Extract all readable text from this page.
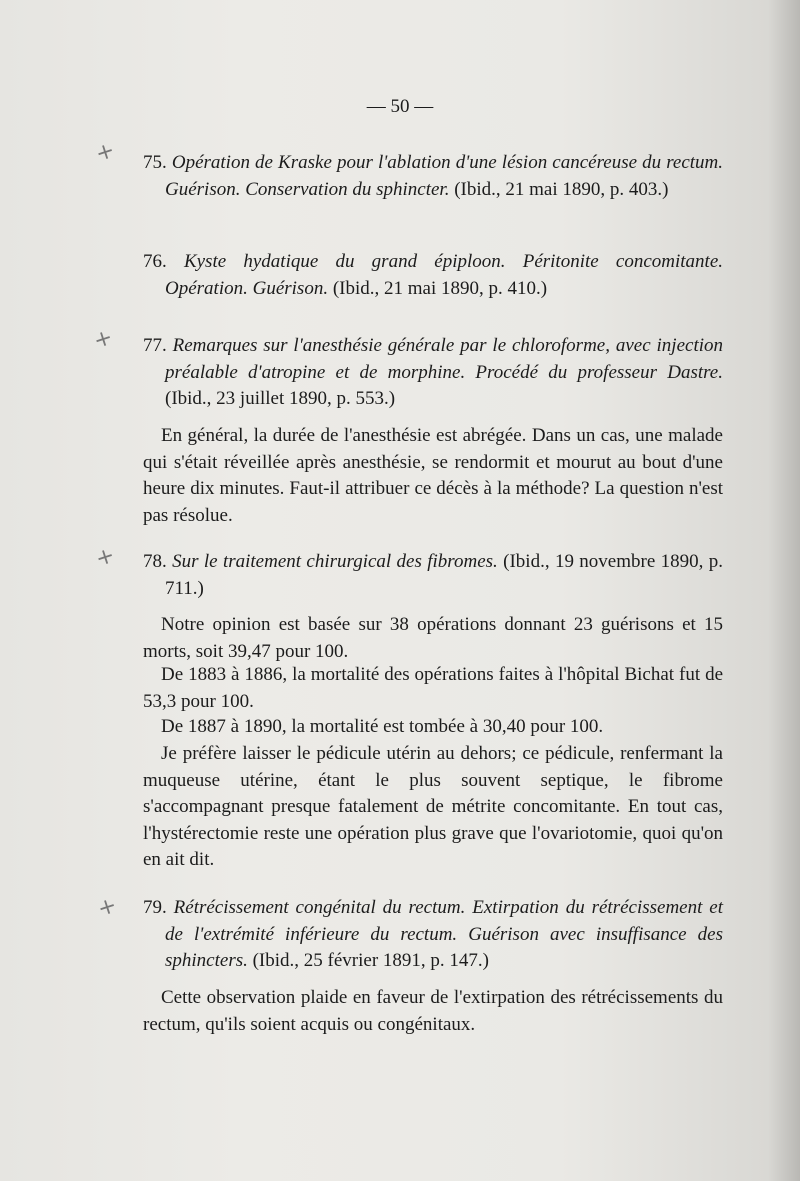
— 50 —
+
+
+
+
75. Opération de Kraske pour l'ablation d'une lésion cancéreuse du rectum. Guérison. Conservation du sphincter. (Ibid., 21 mai 1890, p. 403.)
76. Kyste hydatique du grand épiploon. Péritonite concomitante. Opération. Guérison. (Ibid., 21 mai 1890, p. 410.)
77. Remarques sur l'anesthésie générale par le chloroforme, avec injection préalable d'atropine et de morphine. Procédé du professeur Dastre. (Ibid., 23 juillet 1890, p. 553.)
En général, la durée de l'anesthésie est abrégée. Dans un cas, une malade qui s'était réveillée après anesthésie, se rendormit et mourut au bout d'une heure dix minutes. Faut-il attribuer ce décès à la méthode? La question n'est pas résolue.
78. Sur le traitement chirurgical des fibromes. (Ibid., 19 novembre 1890, p. 711.)
Notre opinion est basée sur 38 opérations donnant 23 guérisons et 15 morts, soit 39,47 pour 100.
De 1883 à 1886, la mortalité des opérations faites à l'hôpital Bichat fut de 53,3 pour 100.
De 1887 à 1890, la mortalité est tombée à 30,40 pour 100.
Je préfère laisser le pédicule utérin au dehors; ce pédicule, renfermant la muqueuse utérine, étant le plus souvent septique, le fibrome s'accompagnant presque fatalement de métrite concomitante. En tout cas, l'hystérectomie reste une opération plus grave que l'ovariotomie, quoi qu'on en ait dit.
79. Rétrécissement congénital du rectum. Extirpation du rétrécissement et de l'extrémité inférieure du rectum. Guérison avec insuffisance des sphincters. (Ibid., 25 février 1891, p. 147.)
Cette observation plaide en faveur de l'extirpation des rétrécissements du rectum, qu'ils soient acquis ou congénitaux.
